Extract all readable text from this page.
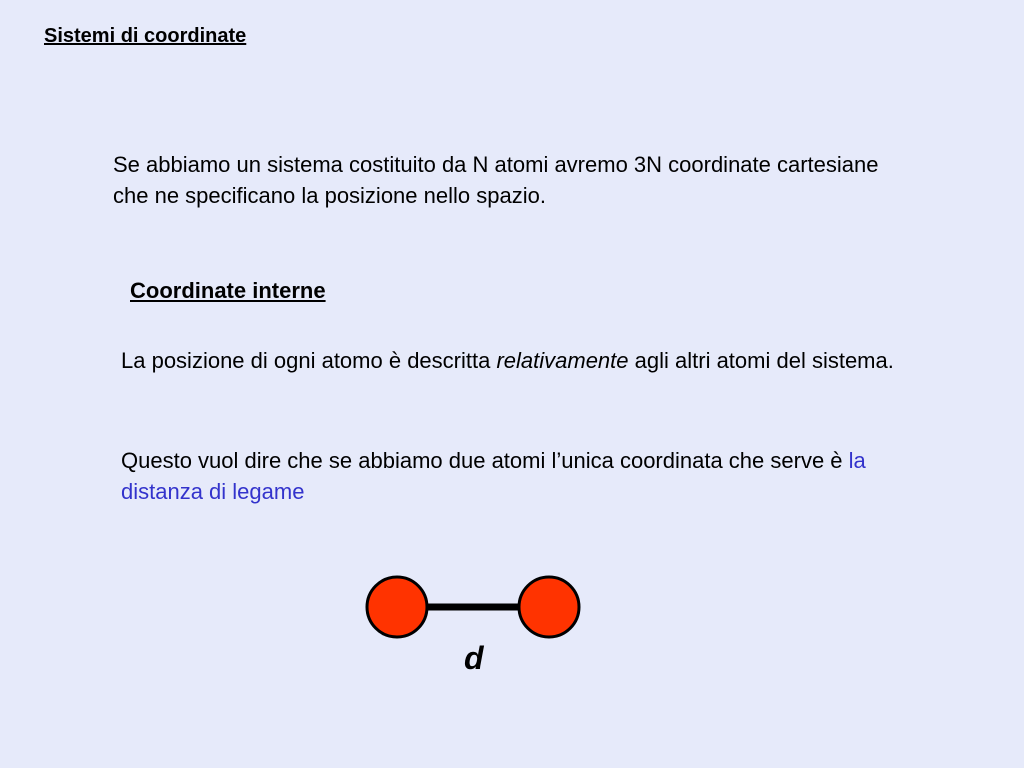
Sistemi di coordinate

Se abbiamo un sistema costituito da N atomi avremo 3N coordinate cartesiane che ne specificano la posizione nello spazio.

Coordinate interne

La posizione di ogni atomo è descritta relativamente agli altri atomi del sistema.

Questo vuol dire che se abbiamo due atomi l’unica coordinata che serve è la distanza di legame

d
